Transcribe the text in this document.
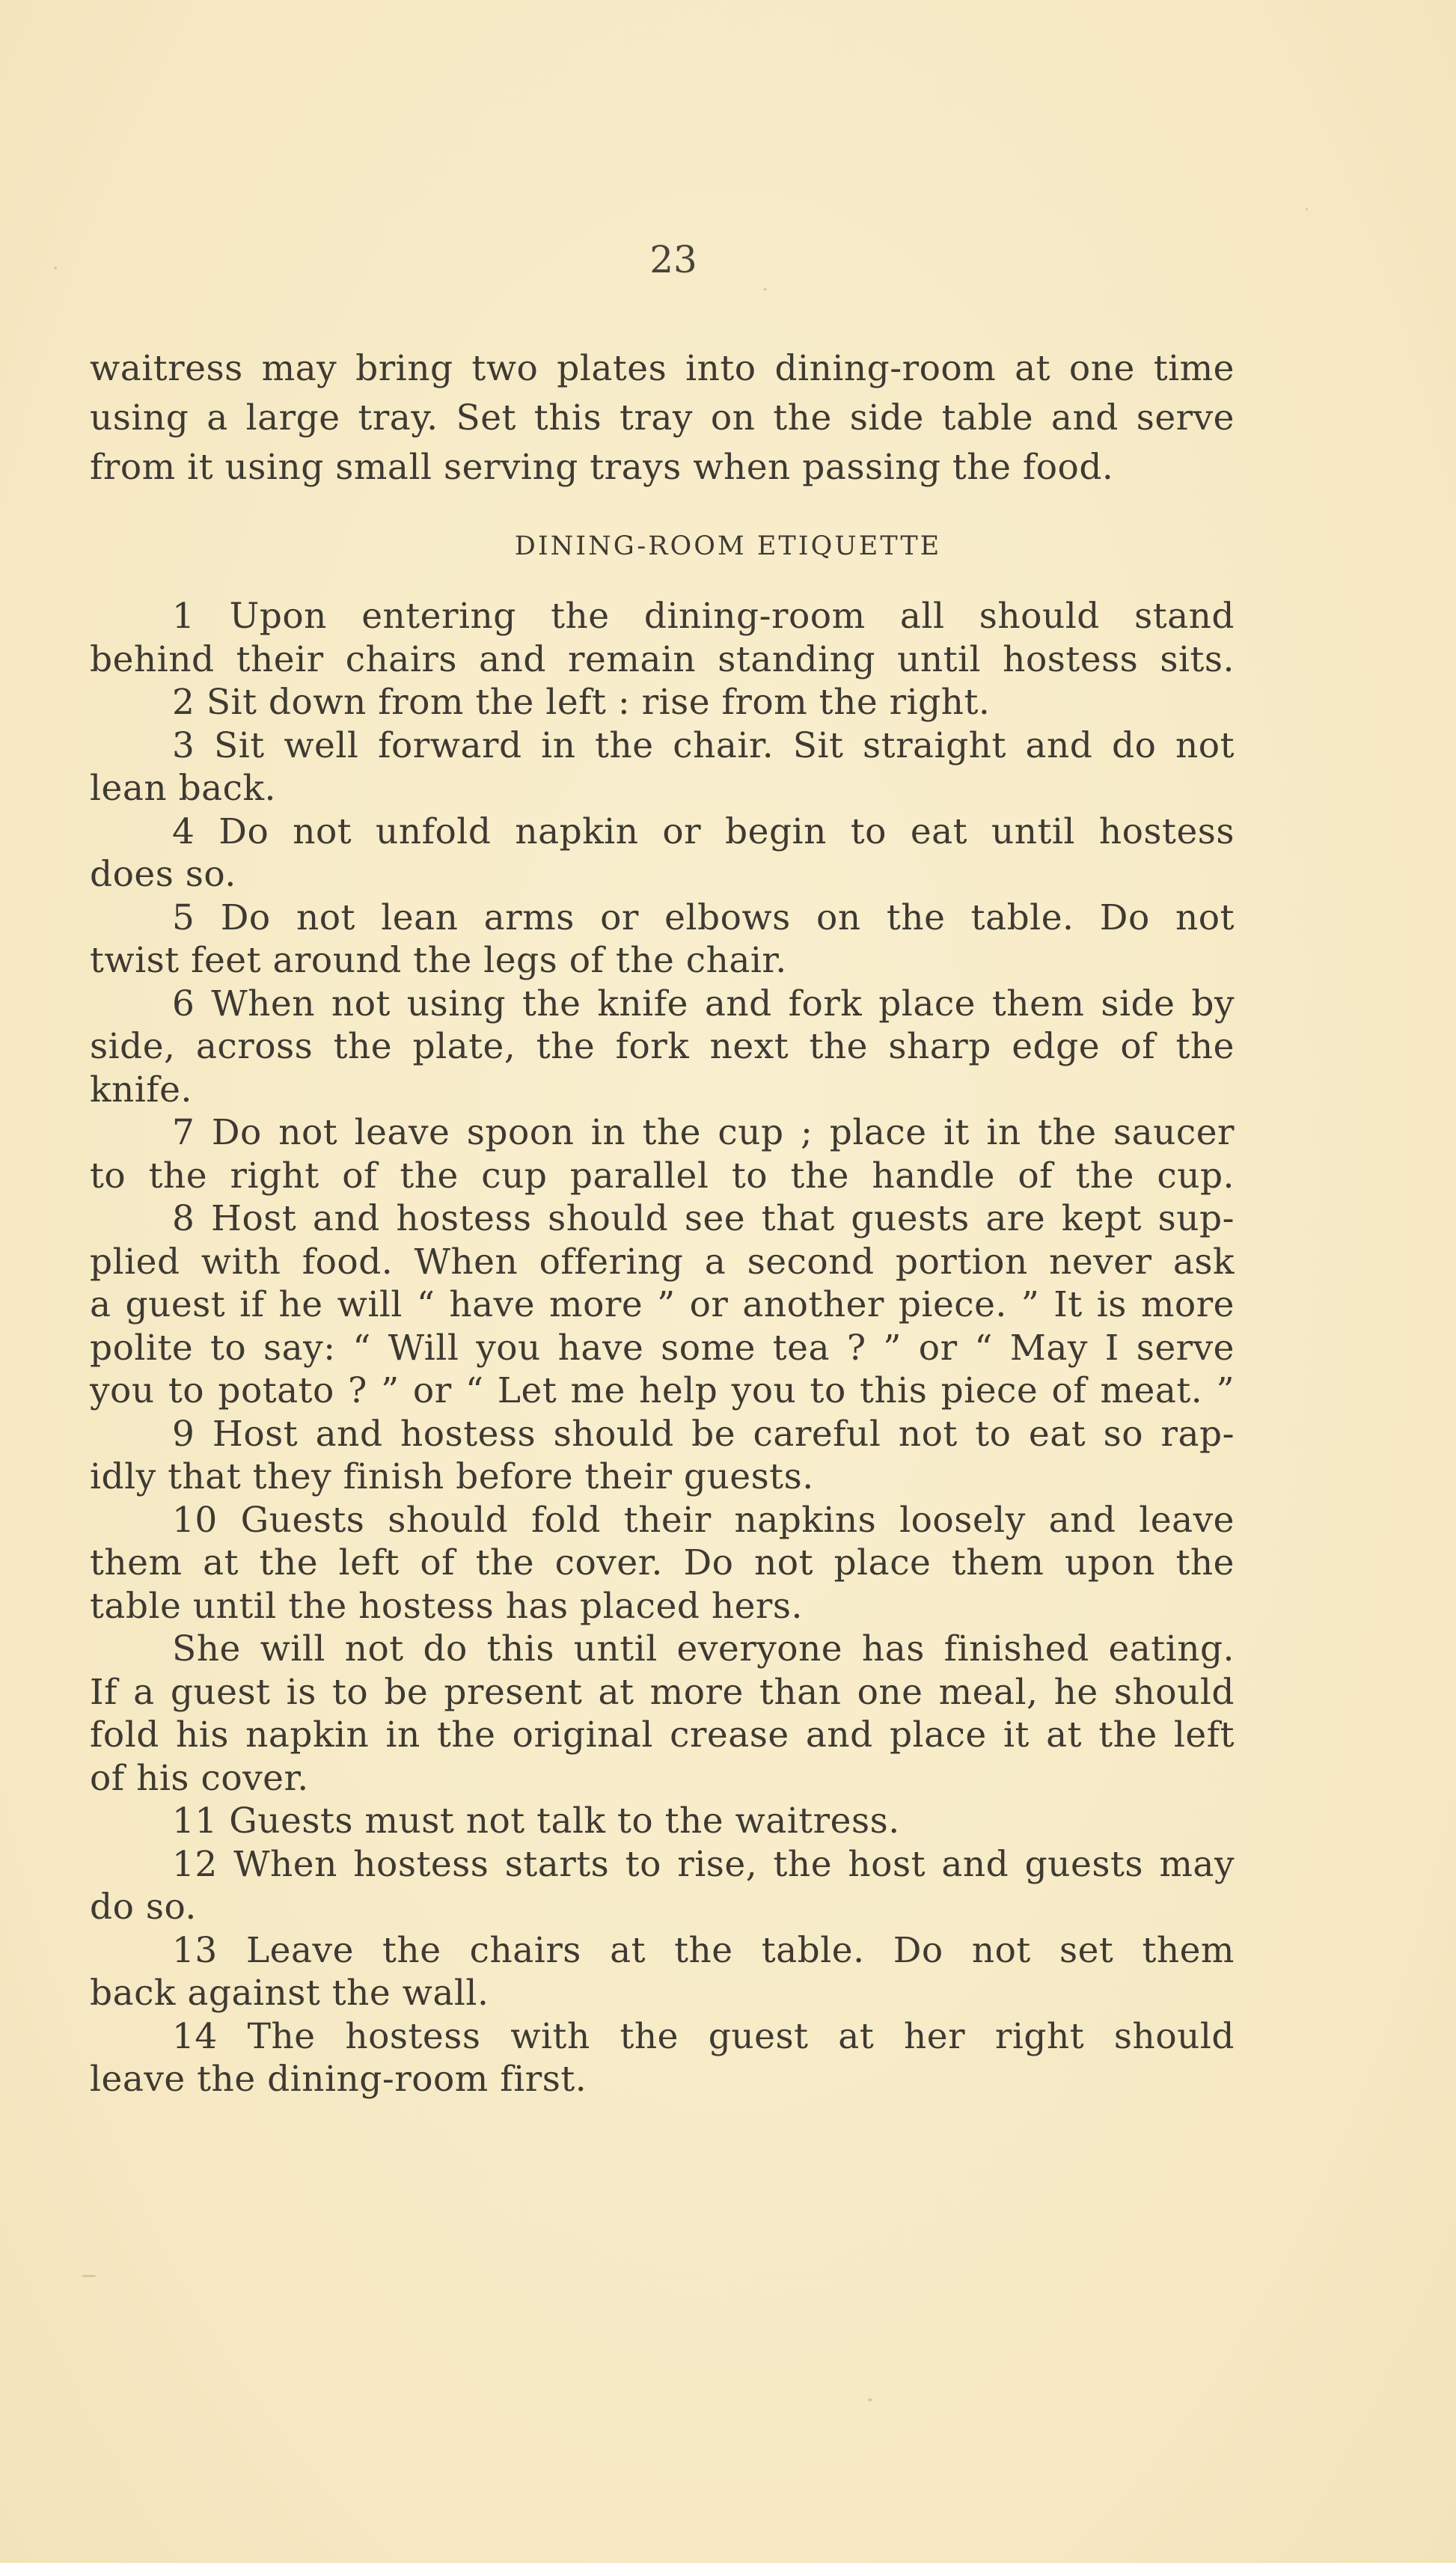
23
waitress may bring two plates into dining-room at one time
using a large tray. Set this tray on the side table and serve
from it using small serving trays when passing the food.
DINING-ROOM ETIQUETTE
1 Upon entering the dining-room all should stand
behind their chairs and remain standing until hostess sits.
2 Sit down from the left : rise from the right.
3 Sit well forward in the chair. Sit straight and do not
lean back.
4 Do not unfold napkin or begin to eat until hostess
does so.
5 Do not lean arms or elbows on the table. Do not
twist feet around the legs of the chair.
6 When not using the knife and fork place them side by
side, across the plate, the fork next the sharp edge of the
knife.
7 Do not leave spoon in the cup ; place it in the saucer
to the right of the cup parallel to the handle of the cup.
8 Host and hostess should see that guests are kept sup-
plied with food. When offering a second portion never ask
a guest if he will “ have more ” or another piece. ” It is more
polite to say: “ Will you have some tea ? ” or “ May I serve
you to potato ? ” or “ Let me help you to this piece of meat. ”
9 Host and hostess should be careful not to eat so rap-
idly that they finish before their guests.
10 Guests should fold their napkins loosely and leave
them at the left of the cover. Do not place them upon the
table until the hostess has placed hers.
She will not do this until everyone has finished eating.
If a guest is to be present at more than one meal, he should
fold his napkin in the original crease and place it at the left
of his cover.
11 Guests must not talk to the waitress.
12 When hostess starts to rise, the host and guests may
do so.
13 Leave the chairs at the table. Do not set them
back against the wall.
14 The hostess with the guest at her right should
leave the dining-room first.
